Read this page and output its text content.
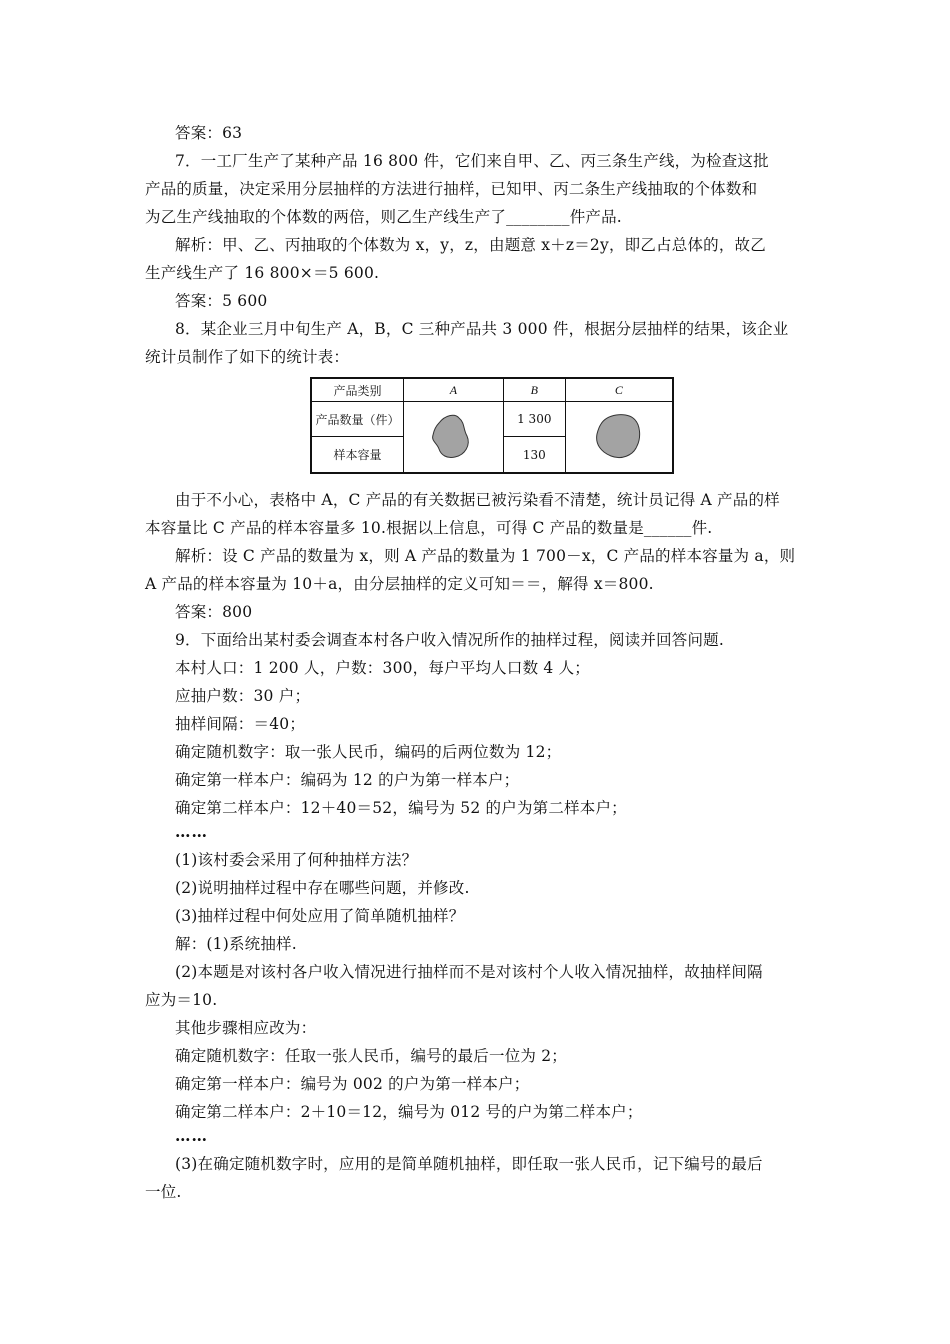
答案：63
7．一工厂生产了某种产品 16 800 件，它们来自甲、乙、丙三条生产线，为检查这批
产品的质量，决定采用分层抽样的方法进行抽样，已知甲、丙二条生产线抽取的个体数和
为乙生产线抽取的个体数的两倍，则乙生产线生产了________件产品.
解析：甲、乙、丙抽取的个体数为 x，y，z，由题意 x＋z＝2y，即乙占总体的，故乙
生产线生产了 16 800×＝5 600.
答案：5 600
8．某企业三月中旬生产 A，B，C 三种产品共 3 000 件，根据分层抽样的结果，该企业
统计员制作了如下的统计表：
产品类别	A	B	C
产品数量（件）		1 300	

样本容量		130	
由于不小心，表格中 A，C 产品的有关数据已被污染看不清楚，统计员记得 A 产品的样
本容量比 C 产品的样本容量多 10.根据以上信息，可得 C 产品的数量是______件.
解析：设 C 产品的数量为 x，则 A 产品的数量为 1 700－x，C 产品的样本容量为 a，则
A 产品的样本容量为 10＋a，由分层抽样的定义可知＝＝，解得 x＝800.
答案：800
9．下面给出某村委会调查本村各户收入情况所作的抽样过程，阅读并回答问题.
本村人口：1 200 人，户数：300，每户平均人口数 4 人；
应抽户数：30 户；
抽样间隔：＝40；
确定随机数字：取一张人民币，编码的后两位数为 12；
确定第一样本户：编码为 12 的户为第一样本户；
确定第二样本户：12＋40＝52，编号为 52 的户为第二样本户；
……
(1)该村委会采用了何种抽样方法？
(2)说明抽样过程中存在哪些问题，并修改.
(3)抽样过程中何处应用了简单随机抽样？
解：(1)系统抽样.
(2)本题是对该村各户收入情况进行抽样而不是对该村个人收入情况抽样，故抽样间隔
应为＝10.
其他步骤相应改为：
确定随机数字：任取一张人民币，编号的最后一位为 2；
确定第一样本户：编号为 002 的户为第一样本户；
确定第二样本户：2＋10＝12，编号为 012 号的户为第二样本户；
……
(3)在确定随机数字时，应用的是简单随机抽样，即任取一张人民币，记下编号的最后
一位.
